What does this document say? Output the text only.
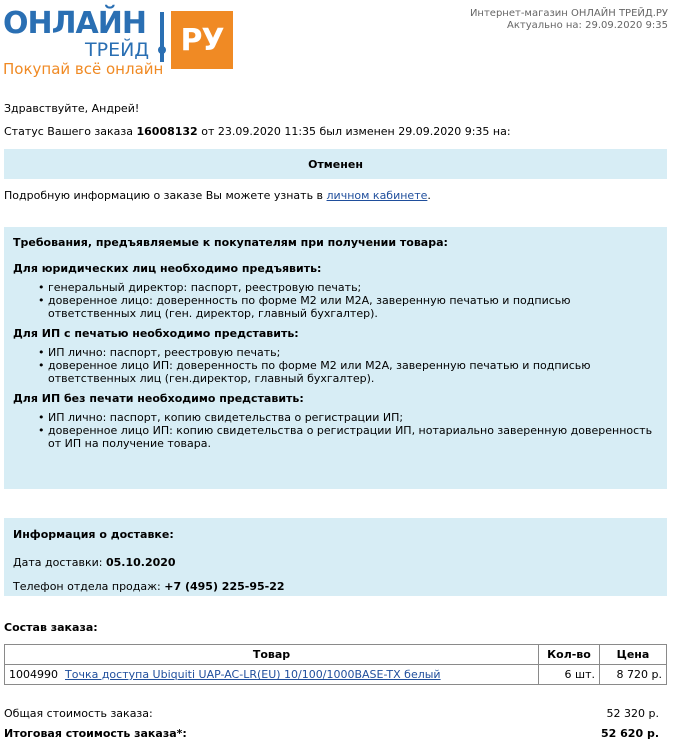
ОНЛАЙН
ТРЕЙД	РУ
Покупай всё онлайн
Интернет-магазин ОНЛАЙН ТРЕЙД.РУ
Актуально на: 29.09.2020 9:35

Здравствуйте, Андрей!

Статус Вашего заказа 16008132 от 23.09.2020 11:35 был изменен 29.09.2020 9:35 на:

Отменен

Подробную информацию о заказе Вы можете узнать в личном кабинете.

Требования, предъявляемые к покупателям при получении товара:

Для юридических лиц необходимо предъявить:

• генеральный директор: паспорт, реестровую печать;
• доверенное лицо: доверенность по форме М2 или М2А, заверенную печатью и подписью ответственных лиц (ген. директор, главный бухгалтер).

Для ИП с печатью необходимо представить:

• ИП лично: паспорт, реестровую печать;
• доверенное лицо ИП: доверенность по форме М2 или М2А, заверенную печатью и подписью ответственных лиц (ген.директор, главный бухгалтер).

Для ИП без печати необходимо представить:

• ИП лично: паспорт, копию свидетельства о регистрации ИП;
• доверенное лицо ИП: копию свидетельства о регистрации ИП, нотариально заверенную доверенность от ИП на получение товара.

Информация о доставке:

Дата доставки: 05.10.2020

Телефон отдела продаж: +7 (495) 225-95-22

Состав заказа:

Товар	Кол-во	Цена
1004990 Точка доступа Ubiquiti UAP-AC-LR(EU) 10/100/1000BASE-TX белый	6 шт.	8 720 р.
Общая стоимость заказа:	52 320 р.
Итоговая стоимость заказа*:	52 620 р.
